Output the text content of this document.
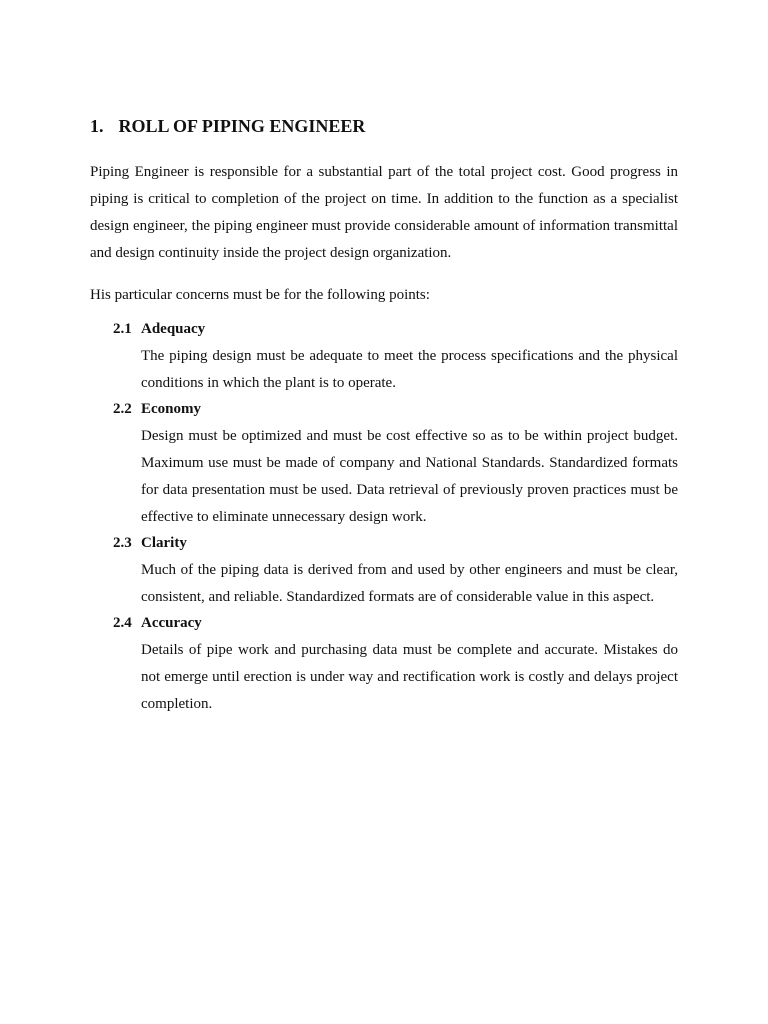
1. ROLL OF PIPING ENGINEER
Piping Engineer is responsible for a substantial part of the total project cost. Good progress in piping is critical to completion of the project on time. In addition to the function as a specialist design engineer, the piping engineer must provide considerable amount of information transmittal and design continuity inside the project design organization.
His particular concerns must be for the following points:
2.1 Adequacy
The piping design must be adequate to meet the process specifications and the physical conditions in which the plant is to operate.
2.2 Economy
Design must be optimized and must be cost effective so as to be within project budget. Maximum use must be made of company and National Standards. Standardized formats for data presentation must be used. Data retrieval of previously proven practices must be effective to eliminate unnecessary design work.
2.3 Clarity
Much of the piping data is derived from and used by other engineers and must be clear, consistent, and reliable. Standardized formats are of considerable value in this aspect.
2.4 Accuracy
Details of pipe work and purchasing data must be complete and accurate. Mistakes do not emerge until erection is under way and rectification work is costly and delays project completion.
